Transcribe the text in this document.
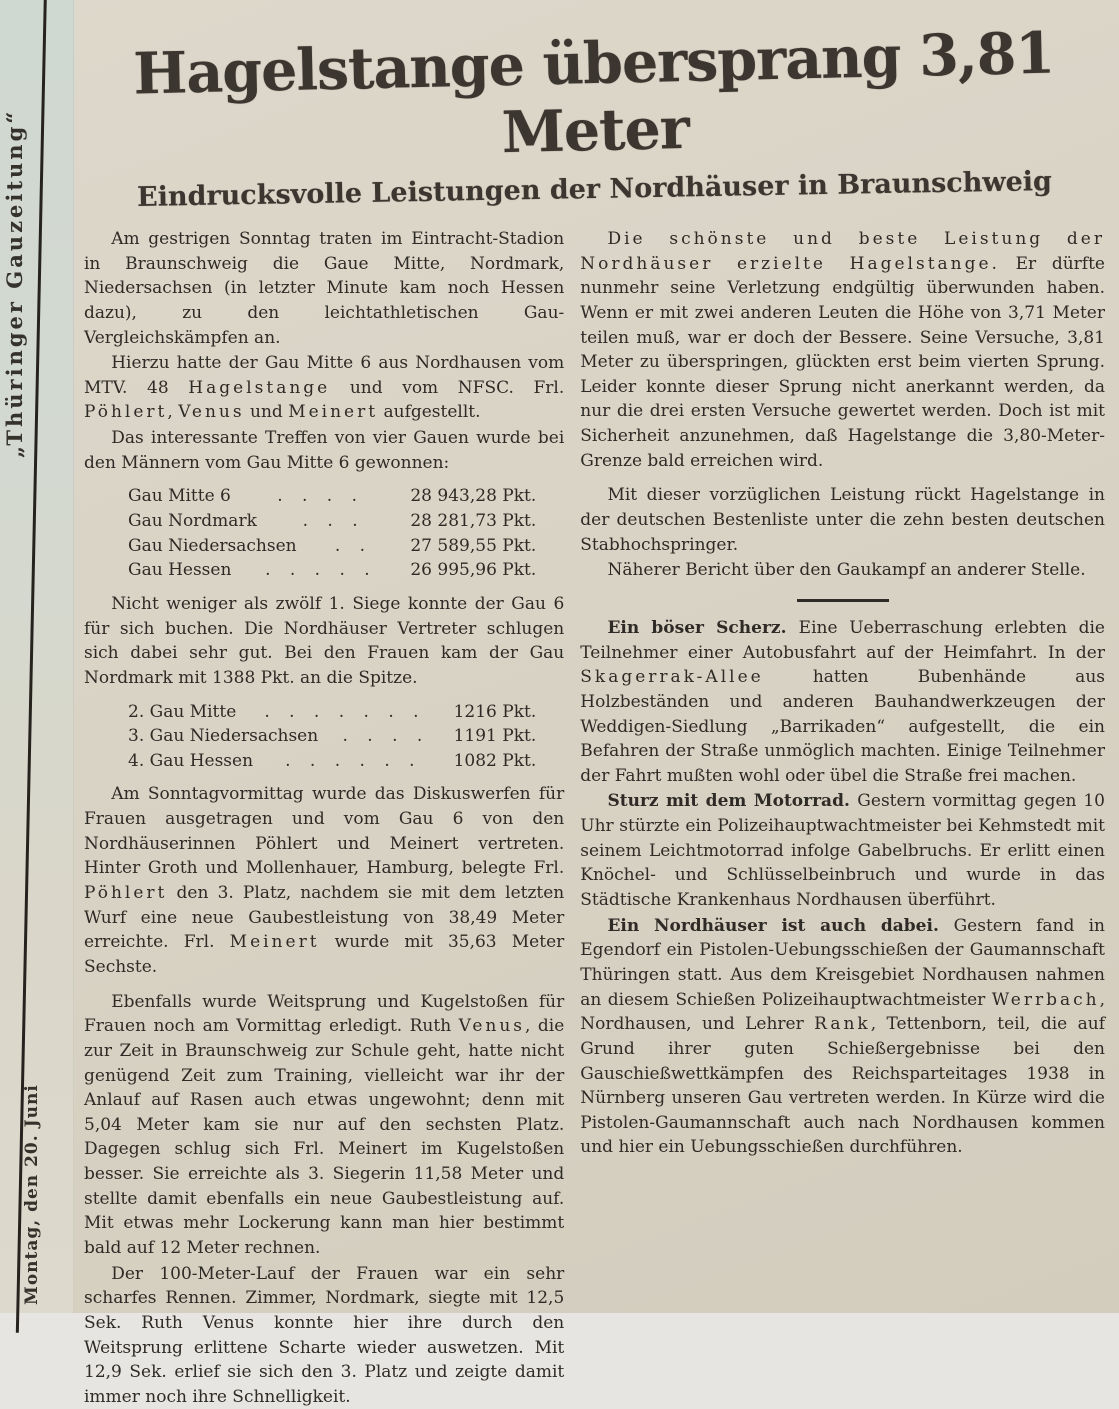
„Thüringer Gauzeitung“
Montag, den 20. Juni
Hagelstange übersprang 3,81 Meter
Eindrucksvolle Leistungen der Nordhäuser in Braunschweig

Am gestrigen Sonntag traten im Eintracht-Stadion in Braunschweig die Gaue Mitte, Nordmark, Niedersachsen (in letzter Minute kam noch Hessen dazu), zu den leichtathletischen Gau-Vergleichskämpfen an.

Hierzu hatte der Gau Mitte 6 aus Nordhausen vom MTV. 48 Hagelstange und vom NFSC. Frl. Pöhlert, Venus und Meinert aufgestellt.

Das interessante Treffen von vier Gauen wurde bei den Männern vom Gau Mitte 6 gewonnen:

Gau Mitte 6	. . . .	28 943,28 Pkt.
Gau Nordmark	. . .	28 281,73 Pkt.
Gau Niedersachsen	. .	27 589,55 Pkt.
Gau Hessen	. . . . .	26 995,96 Pkt.

Nicht weniger als zwölf 1. Siege konnte der Gau 6 für sich buchen. Die Nordhäuser Vertreter schlugen sich dabei sehr gut. Bei den Frauen kam der Gau Nordmark mit 1388 Pkt. an die Spitze.

2. Gau Mitte	. . . . . . .	1216 Pkt.
3. Gau Niedersachsen	. . . .	1191 Pkt.
4. Gau Hessen	. . . . . .	1082 Pkt.

Am Sonntagvormittag wurde das Diskuswerfen für Frauen ausgetragen und vom Gau 6 von den Nordhäuserinnen Pöhlert und Meinert vertreten. Hinter Groth und Mollenhauer, Hamburg, belegte Frl. Pöhlert den 3. Platz, nachdem sie mit dem letzten Wurf eine neue Gaubestleistung von 38,49 Meter erreichte. Frl. Meinert wurde mit 35,63 Meter Sechste.

Ebenfalls wurde Weitsprung und Kugelstoßen für Frauen noch am Vormittag erledigt. Ruth Venus, die zur Zeit in Braunschweig zur Schule geht, hatte nicht genügend Zeit zum Training, vielleicht war ihr der Anlauf auf Rasen auch etwas ungewohnt; denn mit 5,04 Meter kam sie nur auf den sechsten Platz. Dagegen schlug sich Frl. Meinert im Kugelstoßen besser. Sie erreichte als 3. Siegerin 11,58 Meter und stellte damit ebenfalls ein neue Gaubestleistung auf. Mit etwas mehr Lockerung kann man hier bestimmt bald auf 12 Meter rechnen.

Der 100-Meter-Lauf der Frauen war ein sehr scharfes Rennen. Zimmer, Nordmark, siegte mit 12,5 Sek. Ruth Venus konnte hier ihre durch den Weitsprung erlittene Scharte wieder auswetzen. Mit 12,9 Sek. erlief sie sich den 3. Platz und zeigte damit immer noch ihre Schnelligkeit.

Die schönste und beste Leistung der Nordhäuser erzielte Hagelstange. Er dürfte nunmehr seine Verletzung endgültig überwunden haben. Wenn er mit zwei anderen Leuten die Höhe von 3,71 Meter teilen muß, war er doch der Bessere. Seine Versuche, 3,81 Meter zu überspringen, glückten erst beim vierten Sprung. Leider konnte dieser Sprung nicht anerkannt werden, da nur die drei ersten Versuche gewertet werden. Doch ist mit Sicherheit anzunehmen, daß Hagelstange die 3,80-Meter-Grenze bald erreichen wird.

Mit dieser vorzüglichen Leistung rückt Hagelstange in der deutschen Bestenliste unter die zehn besten deutschen Stabhochspringer.

Näherer Bericht über den Gaukampf an anderer Stelle.

Ein böser Scherz. Eine Ueberraschung erlebten die Teilnehmer einer Autobusfahrt auf der Heimfahrt. In der Skagerrak-Allee hatten Bubenhände aus Holzbeständen und anderen Bauhandwerkzeugen der Weddigen-Siedlung „Barrikaden“ aufgestellt, die ein Befahren der Straße unmöglich machten. Einige Teilnehmer der Fahrt mußten wohl oder übel die Straße frei machen.

Sturz mit dem Motorrad. Gestern vormittag gegen 10 Uhr stürzte ein Polizeihauptwachtmeister bei Kehmstedt mit seinem Leichtmotorrad infolge Gabelbruchs. Er erlitt einen Knöchel- und Schlüsselbeinbruch und wurde in das Städtische Krankenhaus Nordhausen überführt.

Ein Nordhäuser ist auch dabei. Gestern fand in Egendorf ein Pistolen-Uebungsschießen der Gaumannschaft Thüringen statt. Aus dem Kreisgebiet Nordhausen nahmen an diesem Schießen Polizeihauptwachtmeister Werrbach, Nordhausen, und Lehrer Rank, Tettenborn, teil, die auf Grund ihrer guten Schießergebnisse bei den Gauschießwettkämpfen des Reichsparteitages 1938 in Nürnberg unseren Gau vertreten werden. In Kürze wird die Pistolen-Gaumannschaft auch nach Nordhausen kommen und hier ein Uebungsschießen durchführen.
